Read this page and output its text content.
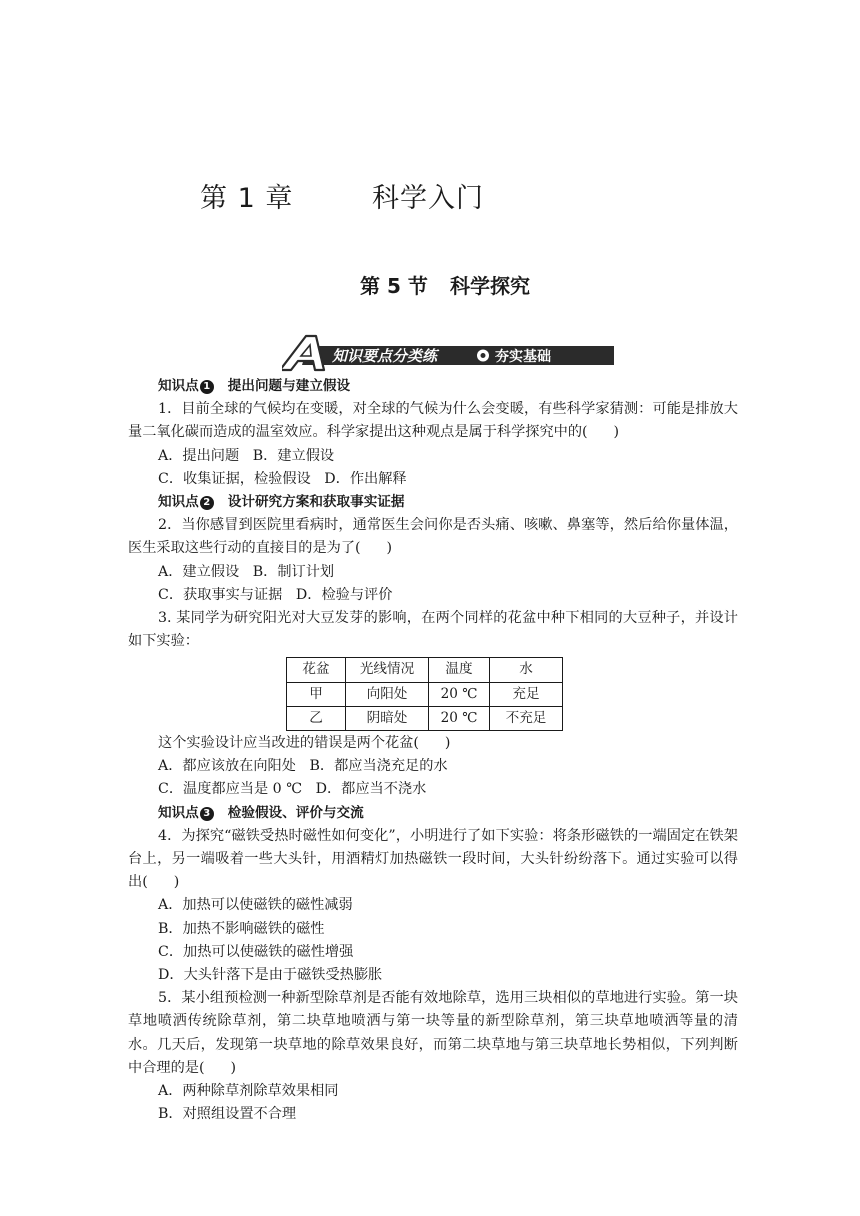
第 1 章	科学入门
第 5 节 科学探究
知识要点分类练	夯实基础

知识点 1 提出问题与建立假设

1．目前全球的气候均在变暖，对全球的气候为什么会变暖，有些科学家猜测：可能是排放大量二氧化碳而造成的温室效应。科学家提出这种观点是属于科学探究中的( )

A．提出问题   B．建立假设

C．收集证据，检验假设   D．作出解释

知识点 2 设计研究方案和获取事实证据

2．当你感冒到医院里看病时，通常医生会问你是否头痛、咳嗽、鼻塞等，然后给你量体温，医生采取这些行动的直接目的是为了( )

A．建立假设   B．制订计划

C．获取事实与证据   D．检验与评价

3. 某同学为研究阳光对大豆发芽的影响，在两个同样的花盆中种下相同的大豆种子，并设计如下实验：

花盆	光线情况	温度	水
甲	向阳处	20 ℃	充足
乙	阴暗处	20 ℃	不充足

这个实验设计应当改进的错误是两个花盆( )

A．都应该放在向阳处   B．都应当浇充足的水

C．温度都应当是 0 ℃   D．都应当不浇水

知识点 3 检验假设、评价与交流

4．为探究“磁铁受热时磁性如何变化”，小明进行了如下实验：将条形磁铁的一端固定在铁架台上，另一端吸着一些大头针，用酒精灯加热磁铁一段时间，大头针纷纷落下。通过实验可以得出( )

A．加热可以使磁铁的磁性减弱

B．加热不影响磁铁的磁性

C．加热可以使磁铁的磁性增强

D．大头针落下是由于磁铁受热膨胀

5．某小组预检测一种新型除草剂是否能有效地除草，选用三块相似的草地进行实验。第一块草地喷洒传统除草剂，第二块草地喷洒与第一块等量的新型除草剂，第三块草地喷洒等量的清水。几天后，发现第一块草地的除草效果良好，而第二块草地与第三块草地长势相似，下列判断中合理的是( )

A．两种除草剂除草效果相同

B．对照组设置不合理
